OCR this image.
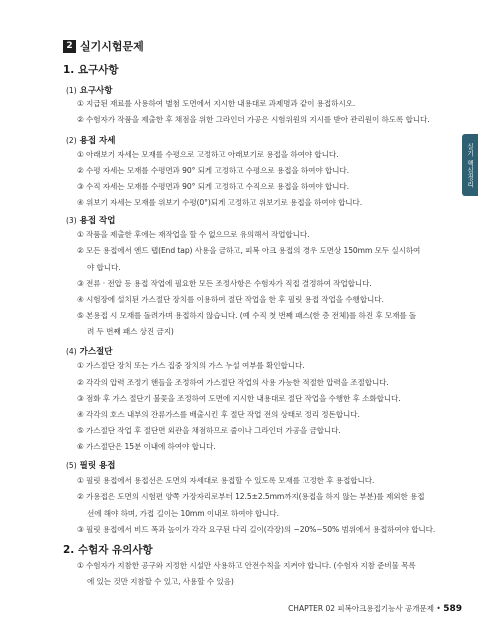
2 실기시험문제
실기 핵심정리
1. 요구사항
(1) 요구사항
① 지급된 재료를 사용하여 별첨 도면에서 지시한 내용대로 과제명과 같이 용접하시오.
② 수험자가 작품을 제출한 후 채점을 위한 그라인더 가공은 시험위원의 지시를 받아 관리원이 하도록 합니다.
(2) 용접 자세
① 아래보기 자세는 모재를 수평으로 고정하고 아래보기로 용접을 하여야 합니다.
② 수평 자세는 모재를 수평면과 90° 되게 고정하고 수평으로 용접을 하여야 합니다.
③ 수직 자세는 모재를 수평면과 90° 되게 고정하고 수직으로 용접을 하여야 합니다.
④ 위보기 자세는 모재를 위보기 수평(0°)되게 고정하고 위보기로 용접을 하여야 합니다.
(3) 용접 작업
① 작품을 제출한 후에는 재작업을 할 수 없으므로 유의해서 작업합니다.
② 모든 용접에서 엔드 탭(End tap) 사용을 금하고, 피복 아크 용접의 경우 도면상 150mm 모두 실시하여
야 합니다.
③ 전류 · 전압 등 용접 작업에 필요한 모든 조정사항은 수험자가 직접 결정하여 작업합니다.
④ 시험장에 설치된 가스절단 장치를 이용하여 절단 작업을 한 후 필릿 용접 작업을 수행합니다.
⑤ 본용접 시 모재를 돌려가며 용접하지 않습니다. (예 수직 첫 번째 패스(한 층 전체)를 하진 후 모재를 돌
려 두 번째 패스 상진 금지)
(4) 가스절단
① 가스절단 장치 또는 가스 집중 장치의 가스 누설 여부를 확인합니다.
② 각각의 압력 조정기 핸들을 조정하여 가스절단 작업의 사용 가능한 적절한 압력을 조절합니다.
③ 점화 후 가스 절단기 불꽃을 조정하여 도면에 지시한 내용대로 절단 작업을 수행한 후 소화합니다.
④ 각각의 호스 내부의 잔류가스를 배출시킨 후 절단 작업 전의 상태로 정리 정돈합니다.
⑤ 가스절단 작업 후 절단면 외관을 채점하므로 줄이나 그라인더 가공을 금합니다.
⑥ 가스절단은 15분 이내에 하여야 합니다.
(5) 필릿 용접
① 필릿 용접에서 용접선은 도면의 자세대로 용접할 수 있도록 모재를 고정한 후 용접합니다.
② 가용접은 도면의 시험편 양쪽 가장자리로부터 12.5±2.5mm까지(용접을 하지 않는 부분)를 제외한 용접
선에 해야 하며, 가접 길이는 10mm 이내로 하여야 합니다.
③ 필릿 용접에서 비드 폭과 높이가 각각 요구된 다리 길이(각장)의 −20%∼50% 범위에서 용접하여야 합니다.
2. 수험자 유의사항
① 수험자가 지참한 공구와 지정한 시설만 사용하고 안전수칙을 지켜야 합니다. (수험자 지참 준비물 목록
에 있는 것만 지참할 수 있고, 사용할 수 있음)
CHAPTER 02 피복아크용접기능사 공개문제 • 589
